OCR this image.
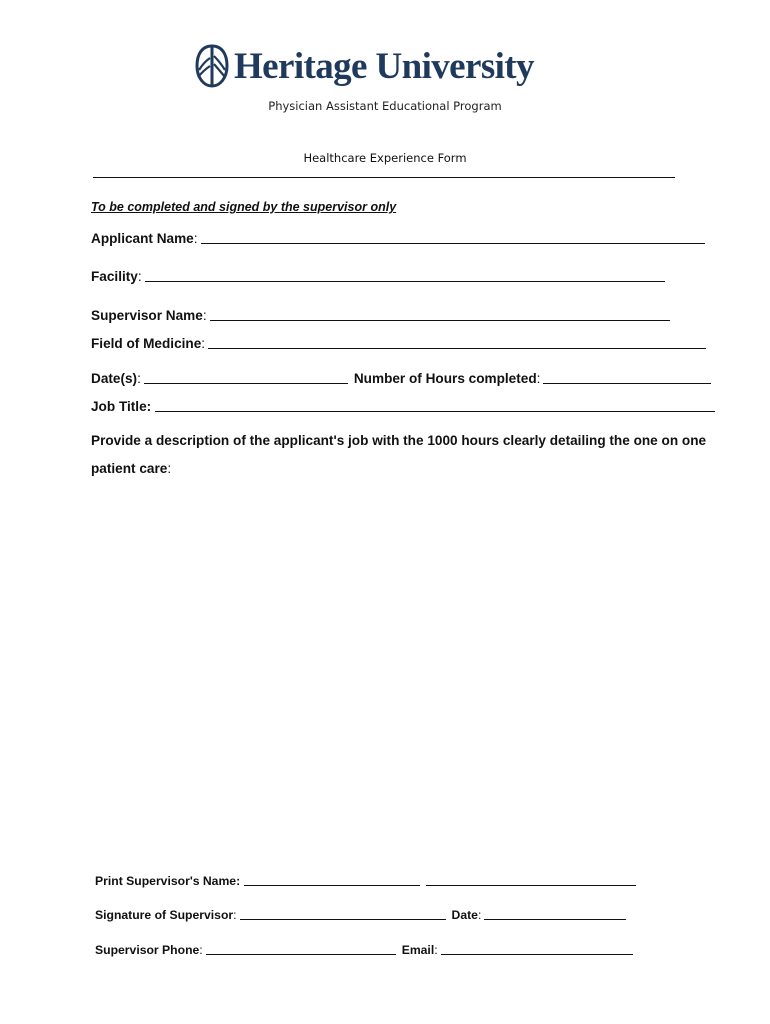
Heritage University
Physician Assistant Educational Program
Healthcare Experience Form
To be completed and signed by the supervisor only
Applicant Name :
Facility :
Supervisor Name :
Field of Medicine :
Date(s) :	Number of Hours completed :
Job Title:
Provide a description of the applicant's job with the 1000 hours clearly detailing the one on one patient care:
Print Supervisor's Name:
Signature of Supervisor :	Date :
Supervisor Phone :	Email :
